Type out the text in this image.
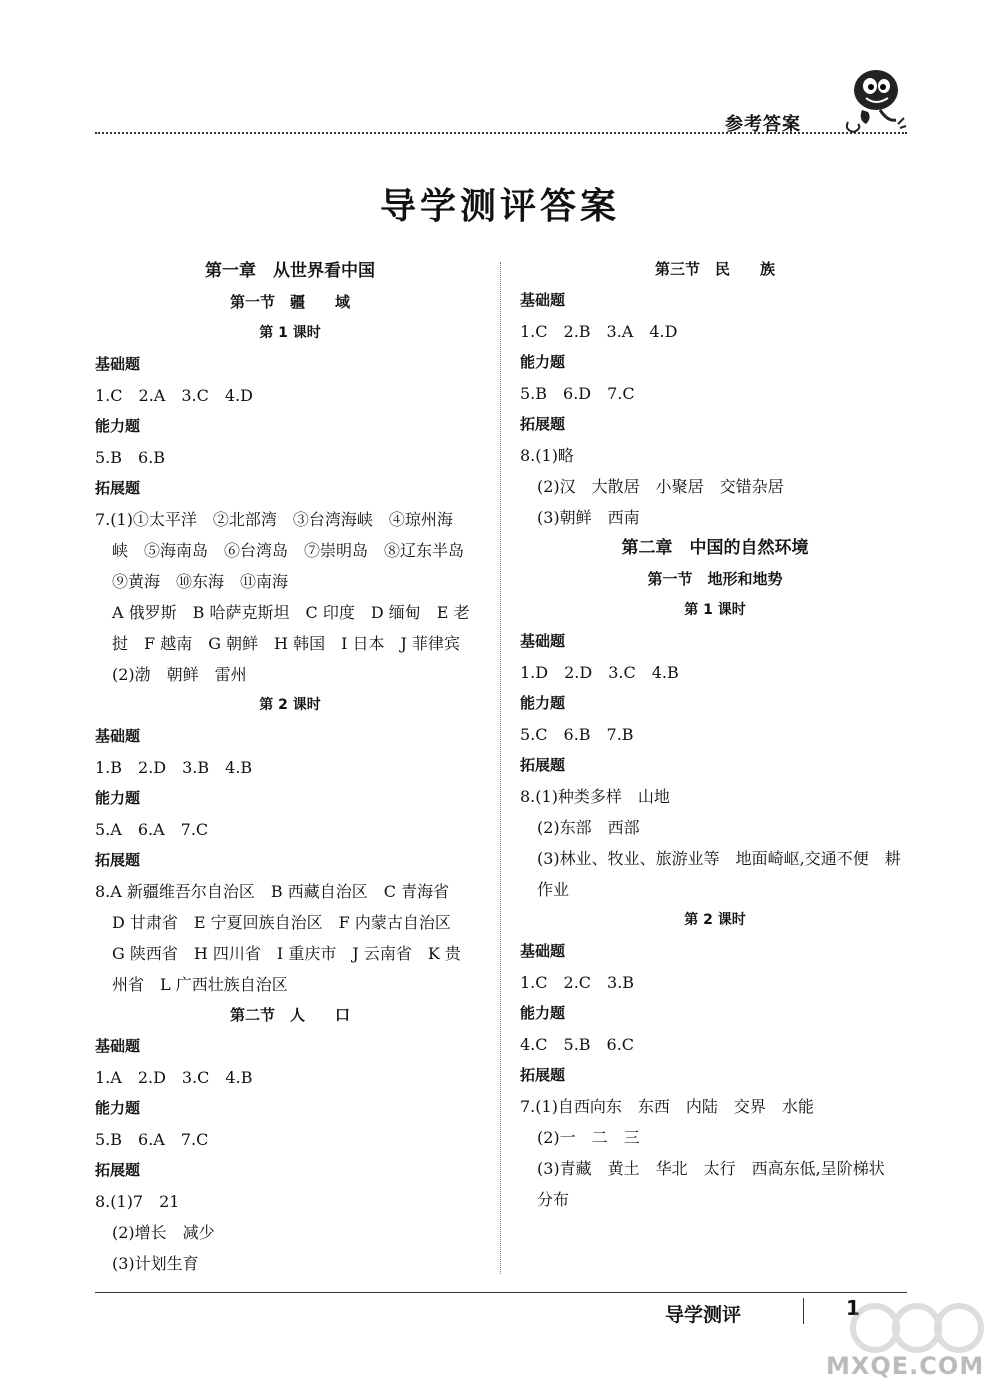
参考答案
导学测评答案
第一章　从世界看中国
第一节　疆　　域
第 1 课时
基础题
1.C　2.A　3.C　4.D
能力题
5.B　6.B
拓展题
7.(1)①太平洋　②北部湾　③台湾海峡　④琼州海
峡　⑤海南岛　⑥台湾岛　⑦崇明岛　⑧辽东半岛
⑨黄海　⑩东海　⑪南海
A 俄罗斯　B 哈萨克斯坦　C 印度　D 缅甸　E 老
挝　F 越南　G 朝鲜　H 韩国　I 日本　J 菲律宾
(2)渤　朝鲜　雷州
第 2 课时
基础题
1.B　2.D　3.B　4.B
能力题
5.A　6.A　7.C
拓展题
8.A 新疆维吾尔自治区　B 西藏自治区　C 青海省
D 甘肃省　E 宁夏回族自治区　F 内蒙古自治区
G 陕西省　H 四川省　I 重庆市　J 云南省　K 贵
州省　L 广西壮族自治区
第二节　人　　口
基础题
1.A　2.D　3.C　4.B
能力题
5.B　6.A　7.C
拓展题
8.(1)7　21
(2)增长　减少
(3)计划生育
第三节　民　　族
基础题
1.C　2.B　3.A　4.D
能力题
5.B　6.D　7.C
拓展题
8.(1)略
(2)汉　大散居　小聚居　交错杂居
(3)朝鲜　西南
第二章　中国的自然环境
第一节　地形和地势
第 1 课时
基础题
1.D　2.D　3.C　4.B
能力题
5.C　6.B　7.B
拓展题
8.(1)种类多样　山地
(2)东部　西部
(3)林业、牧业、旅游业等　地面崎岖,交通不便　耕
作业
第 2 课时
基础题
1.C　2.C　3.B
能力题
4.C　5.B　6.C
拓展题
7.(1)自西向东　东西　内陆　交界　水能
(2)一　二　三
(3)青藏　黄土　华北　太行　西高东低,呈阶梯状
分布
导学测评	1
MXQE.COM
